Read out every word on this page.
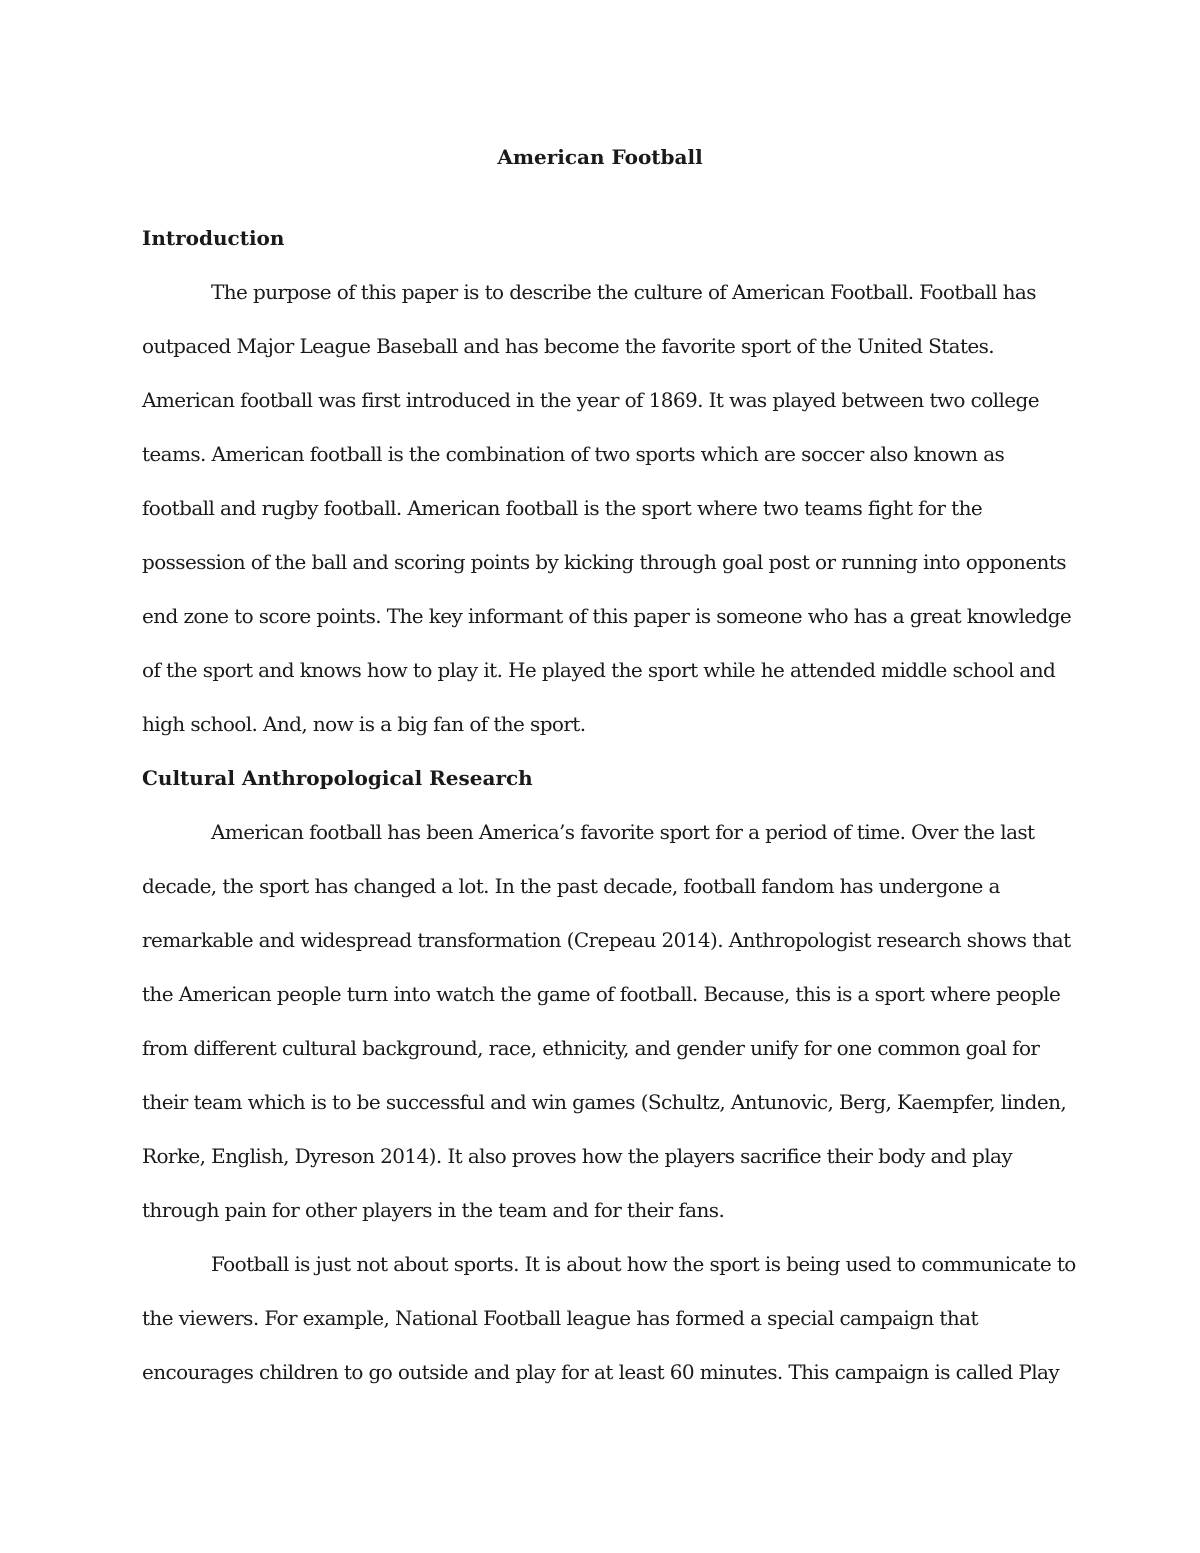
American Football
Introduction
The purpose of this paper is to describe the culture of American Football. Football has
outpaced Major League Baseball and has become the favorite sport of the United States.
American football was first introduced in the year of 1869. It was played between two college
teams. American football is the combination of two sports which are soccer also known as
football and rugby football. American football is the sport where two teams fight for the
possession of the ball and scoring points by kicking through goal post or running into opponents
end zone to score points. The key informant of this paper is someone who has a great knowledge
of the sport and knows how to play it. He played the sport while he attended middle school and
high school. And, now is a big fan of the sport.
Cultural Anthropological Research
American football has been America’s favorite sport for a period of time. Over the last
decade, the sport has changed a lot. In the past decade, football fandom has undergone a
remarkable and widespread transformation (Crepeau 2014). Anthropologist research shows that
the American people turn into watch the game of football. Because, this is a sport where people
from different cultural background, race, ethnicity, and gender unify for one common goal for
their team which is to be successful and win games (Schultz, Antunovic, Berg, Kaempfer, linden,
Rorke, English, Dyreson 2014). It also proves how the players sacrifice their body and play
through pain for other players in the team and for their fans.
Football is just not about sports. It is about how the sport is being used to communicate to
the viewers. For example, National Football league has formed a special campaign that
encourages children to go outside and play for at least 60 minutes. This campaign is called Play
